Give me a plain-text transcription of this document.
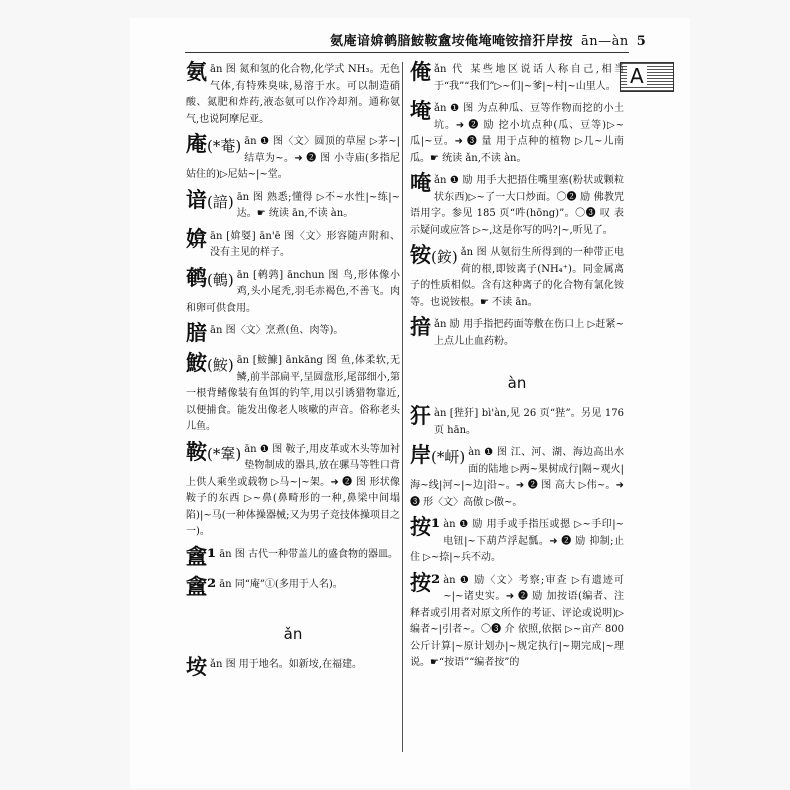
氨庵谙媕鹌腤鮟鞍盦垵俺埯唵铵揞犴岸按 ān—àn 5
A
氨 ān 图 氮和氢的化合物,化学式 NH₃。无色气体,有特殊臭味,易溶于水。可以制造硝酸、氮肥和炸药,液态氨可以作冷却剂。通称氨气,也说阿摩尼亚。
庵(*菴) ān ❶ 图〈文〉圆顶的草屋 ▷茅~|结草为~。➜ ❷ 图 小寺庙(多指尼姑住的)▷尼姑~|~堂。
谙(諳) ān 图 熟悉;懂得 ▷不~水性|~练|~达。☛ 统读 ān,不读 àn。
媕 ān [媕娿] ān'ē 图〈文〉形容随声附和、没有主见的样子。
鹌(鵪) ān [鹌鹑] ānchun 图 鸟,形体像小鸡,头小尾秃,羽毛赤褐色,不善飞。肉和卵可供食用。
腤 ān 图〈文〉烹煮(鱼、肉等)。
鮟(鮟) ān [鮟鱇] ānkāng 图 鱼,体柔软,无鳞,前半部扁平,呈圆盘形,尾部细小,第一根背鳍像装有鱼饵的钓竿,用以引诱猎物靠近,以便捕食。能发出像老人咳嗽的声音。俗称老头儿鱼。
鞍(*鞌) ān ❶ 图 鞍子,用皮革或木头等加衬垫物制成的器具,放在骡马等牲口背上供人乘坐或载物 ▷马~|~架。➜ ❷ 图 形状像鞍子的东西 ▷~鼻(鼻畸形的一种,鼻梁中间塌陷)|~马(一种体操器械;又为男子竞技体操项目之一)。
盦¹ ān 图 古代一种带盖儿的盛食物的器皿。
盦² ān 同“庵”①(多用于人名)。
ǎn
垵 ǎn 图 用于地名。如新垵,在福建。
俺 ǎn 代 某些地区说话人称自己,相当于“我”“我们”▷~们|~爹|~村|~山里人。
埯 ǎn ❶ 图 为点种瓜、豆等作物而挖的小土坑。➜ ❷ 励 挖小坑点种(瓜、豆等)▷~瓜|~豆。➜ ❸ 量 用于点种的植物 ▷几~儿南瓜。☛ 统读 ǎn,不读 àn。
唵 ǎn ❶ 励 用手大把捂住嘴里塞(粉状或颗粒状东西)▷~了一大口炒面。〇❷ 励 佛教咒语用字。参见 185 页“吽(hōng)”。〇❸ 叹 表示疑问或应答 ▷~,这是你写的吗?|~,听见了。
铵(銨) ǎn 图 从氨衍生所得到的一种带正电荷的根,即铵离子(NH₄⁺)。同金属离子的性质相似。含有这种离子的化合物有氯化铵等。也说铵根。☛ 不读 ān。
揞 ǎn 励 用手指把药面等敷在伤口上 ▷赶紧~上点儿止血药粉。
àn
犴 àn [狴犴] bì'àn,见 26 页“狴”。另见 176 页 hān。
岸(*岍) àn ❶ 图 江、河、湖、海边高出水面的陆地 ▷两~果树成行|隔~观火|海~线|河~|~边|沿~。➜ ❷ 图 高大 ▷伟~。➜ ❸ 形〈文〉高傲 ▷傲~。
按¹ àn ❶ 励 用手或手指压或摁 ▷~手印|~电钮|~下葫芦浮起瓢。➜ ❷ 励 抑制;止住 ▷~捺|~兵不动。
按² àn ❶ 励〈文〉考察;审查 ▷有遗迹可~|~诸史实。➜ ❷ 励 加按语(编者、注释者或引用者对原文所作的考证、评论或说明)▷编者~|引者~。〇❸ 介 依照,依据 ▷~亩产 800 公斤计算|~原计划办|~规定执行|~期完成|~理说。☛“按语”“编者按”的
